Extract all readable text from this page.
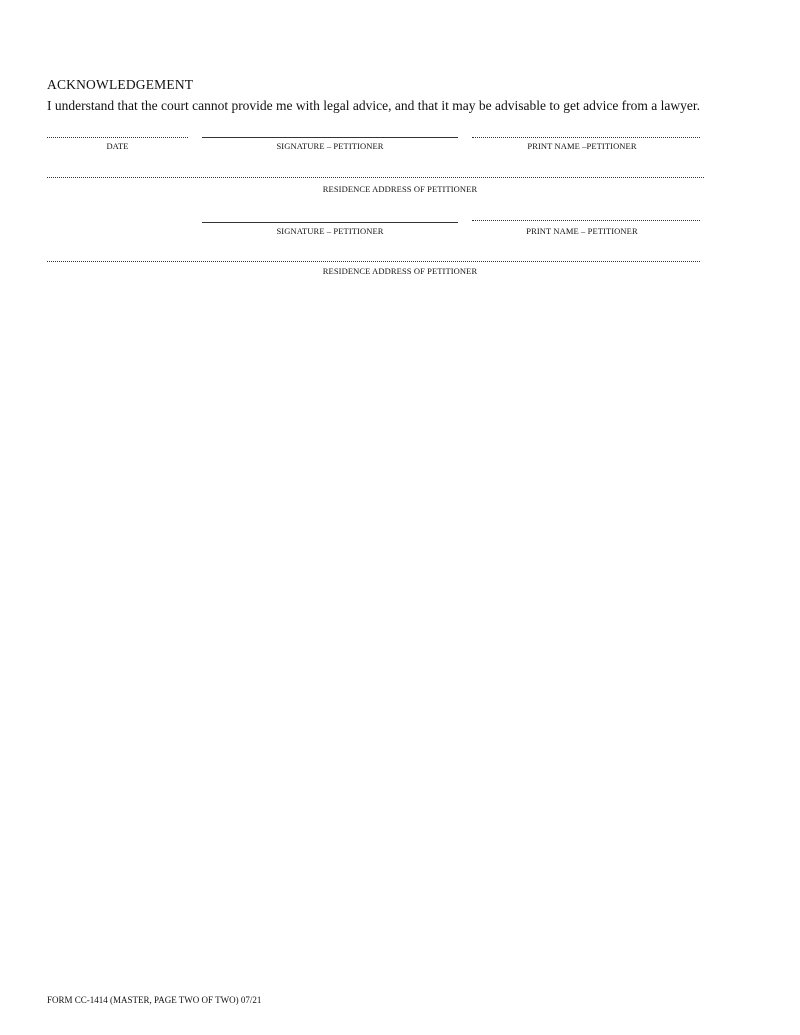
ACKNOWLEDGEMENT
I understand that the court cannot provide me with legal advice, and that it may be advisable to get advice from a lawyer.
DATE	SIGNATURE – PETITIONER	PRINT NAME –PETITIONER
RESIDENCE ADDRESS OF PETITIONER
SIGNATURE – PETITIONER	PRINT NAME – PETITIONER
RESIDENCE ADDRESS OF PETITIONER
FORM CC-1414 (MASTER, PAGE TWO OF TWO) 07/21
